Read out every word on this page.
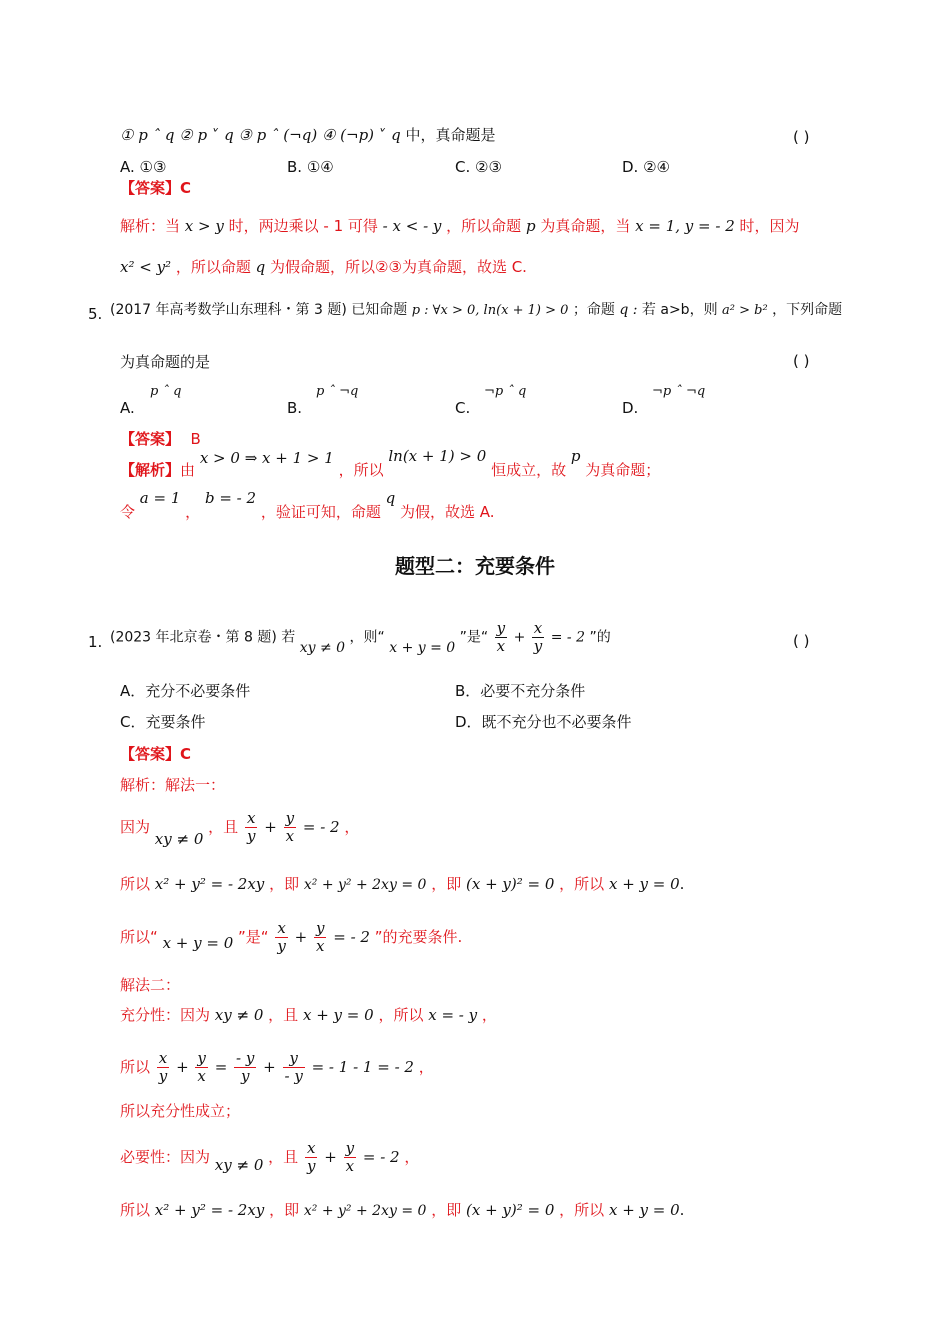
① p ˆ q ② p ˅ q ③ p ˆ (¬q) ④ (¬p) ˅ q 中，真命题是	( )
A. ①③	B. ①④	C. ②③	D. ②④
【答案】C
解析：当 x > y 时，两边乘以 - 1 可得 - x < - y ，所以命题 p 为真命题，当 x = 1, y = - 2 时，因为
x² < y² ，所以命题 q 为假命题，所以②③为真命题，故选 C.
5. (2017 年高考数学山东理科・第 3 题) 已知命题 p : ∀x > 0, ln(x + 1) > 0 ；命题 q : 若 a>b，则 a² > b² ，下列命题
为真命题的是	( )
A.
p ˆ q
B.
p ˆ ¬q
C.
¬p ˆ q
D.
¬p ˆ ¬q
【答案】 B
【解析】由 x > 0 ⇒ x + 1 > 1 ，所以 ln(x + 1) > 0 恒成立，故 p 为真命题；
令 a = 1 ， b = - 2 ，验证可知，命题 q 为假，故选 A.
题型二：充要条件
1. (2023 年北京卷・第 8 题) 若 xy ≠ 0 ，则“ x + y = 0 ”是“ $\frac{y}{x} + \frac{x}{y}$ = - 2 ”的	( )
A．充分不必要条件	B．必要不充分条件
C．充要条件	D．既不充分也不必要条件
【答案】C
解析：解法一：
因为 xy ≠ 0 ，且 $\frac{x}{y} + \frac{y}{x}$ = - 2 ，
所以 x² + y² = - 2xy ，即 x² + y² + 2xy = 0 ，即 (x + y)² = 0 ，所以 x + y = 0.
所以“ x + y = 0 ”是“ $\frac{x}{y} + \frac{y}{x}$ = - 2 ”的充要条件.
解法二：
充分性：因为 xy ≠ 0 ，且 x + y = 0 ，所以 x = - y ，
所以 $\frac{x}{y} + \frac{y}{x} = \frac{- y}{y} + \frac{y}{- y}$ = - 1 - 1 = - 2 ，
所以充分性成立；
必要性：因为 xy ≠ 0 ，且 $\frac{x}{y} + \frac{y}{x}$ = - 2 ，
所以 x² + y² = - 2xy ，即 x² + y² + 2xy = 0 ，即 (x + y)² = 0 ，所以 x + y = 0.
